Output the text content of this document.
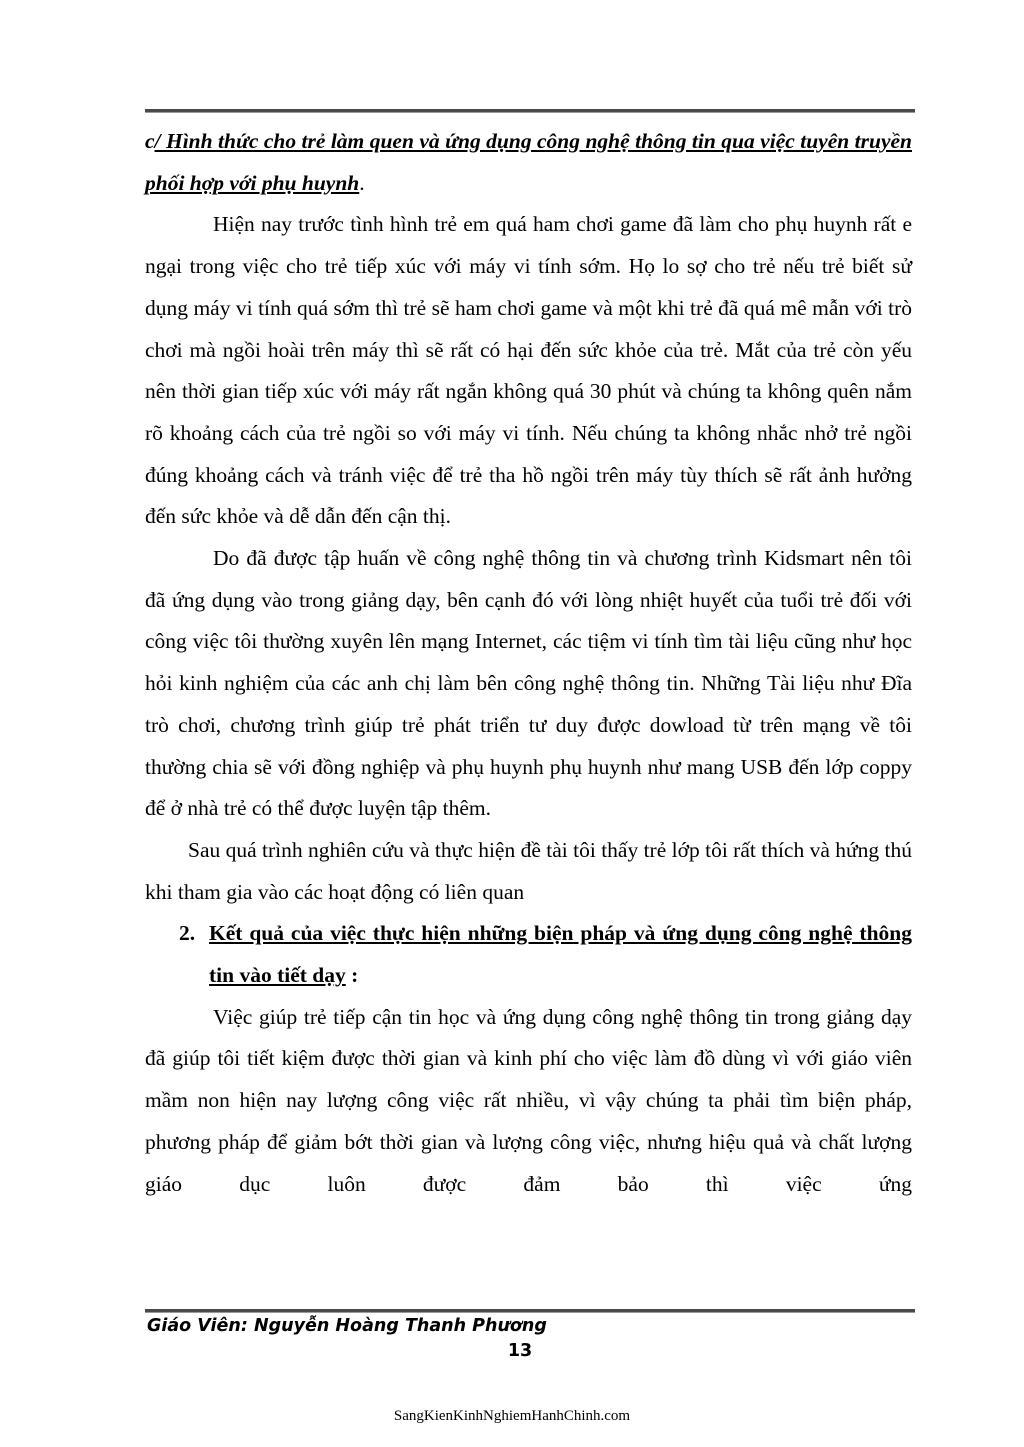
c/ Hình thức cho trẻ làm quen và ứng dụng công nghệ thông tin qua việc tuyên truyền phối hợp với phụ huynh.

Hiện nay trước tình hình trẻ em quá ham chơi game đã làm cho phụ huynh rất e ngại trong việc cho trẻ tiếp xúc với máy vi tính sớm. Họ lo sợ cho trẻ nếu trẻ biết sử dụng máy vi tính quá sớm thì trẻ sẽ ham chơi game và một khi trẻ đã quá mê mẫn với trò chơi mà ngồi hoài trên máy thì sẽ rất có hại đến sức khỏe của trẻ. Mắt của trẻ còn yếu nên thời gian tiếp xúc với máy rất ngắn không quá 30 phút và chúng ta không quên nắm rõ khoảng cách của trẻ ngồi so với máy vi tính. Nếu chúng ta không nhắc nhở trẻ ngồi đúng khoảng cách và tránh việc để trẻ tha hồ ngồi trên máy tùy thích sẽ rất ảnh hưởng đến sức khỏe và dễ dẫn đến cận thị.

Do đã được tập huấn về công nghệ thông tin và chương trình Kidsmart nên tôi đã ứng dụng vào trong giảng dạy, bên cạnh đó với lòng nhiệt huyết của tuổi trẻ đối với công việc tôi thường xuyên lên mạng Internet, các tiệm vi tính tìm tài liệu cũng như học hỏi kinh nghiệm của các anh chị làm bên công nghệ thông tin. Những Tài liệu như Đĩa trò chơi, chương trình giúp trẻ phát triển tư duy được dowload từ trên mạng về tôi thường chia sẽ với đồng nghiệp và phụ huynh phụ huynh như mang USB đến lớp coppy để ở nhà trẻ có thể được luyện tập thêm.

Sau quá trình nghiên cứu và thực hiện đề tài tôi thấy trẻ lớp tôi rất thích và hứng thú khi tham gia vào các hoạt động có liên quan

2. Kết quả của việc thực hiện những biện pháp và ứng dụng công nghệ thông tin vào tiết dạy :

Việc giúp trẻ tiếp cận tin học và ứng dụng công nghệ thông tin trong giảng dạy đã giúp tôi tiết kiệm được thời gian và kinh phí cho việc làm đồ dùng vì với giáo viên mầm non hiện nay lượng công việc rất nhiều, vì vậy chúng ta phải tìm biện pháp, phương pháp để giảm bớt thời gian và lượng công việc, nhưng hiệu quả và chất lượng giáo dục luôn được đảm bảo thì việc ứng

Giáo Viên: Nguyễn Hoàng Thanh Phương
13
SangKienKinhNghiemHanhChinh.com
